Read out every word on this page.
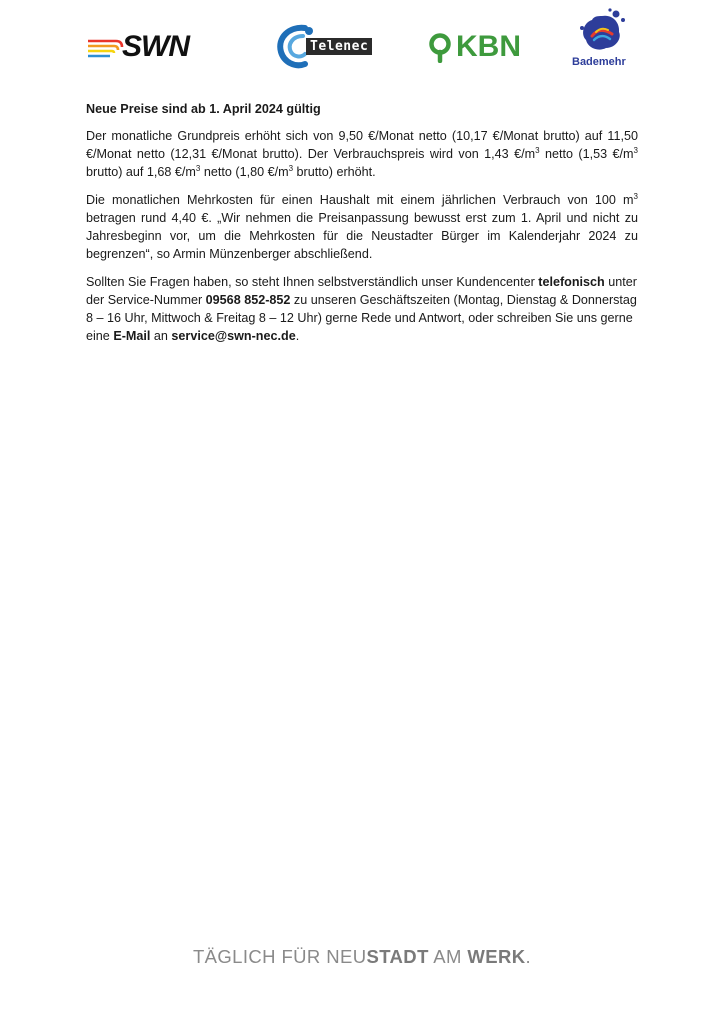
SWN	Telenec	KBN	Bademehr

Neue Preise sind ab 1. April 2024 gültig

Der monatliche Grundpreis erhöht sich von 9,50 €/Monat netto (10,17 €/Monat brutto) auf 11,50 €/Monat netto (12,31 €/Monat brutto). Der Verbrauchspreis wird von 1,43 $€/m^3$ netto (1,53 $€/m^3$ brutto) auf 1,68 $€/m^3$ netto (1,80 $€/m^3$ brutto) erhöht.

Die monatlichen Mehrkosten für einen Haushalt mit einem jährlichen Verbrauch von 100 $m^3$ betragen rund 4,40 €. „Wir nehmen die Preisanpassung bewusst erst zum 1. April und nicht zu Jahresbeginn vor, um die Mehrkosten für die Neustadter Bürger im Kalenderjahr 2024 zu begrenzen“, so Armin Münzenberger abschließend.

Sollten Sie Fragen haben, so steht Ihnen selbstverständlich unser Kundencenter telefonisch unter der Service-Nummer 09568 852-852 zu unseren Geschäftszeiten (Montag, Dienstag & Donnerstag 8 – 16 Uhr, Mittwoch & Freitag 8 – 12 Uhr) gerne Rede und Antwort, oder schreiben Sie uns gerne eine E-Mail an service@swn-nec.de.

TÄGLICH FÜR NEUSTADT AM WERK.
